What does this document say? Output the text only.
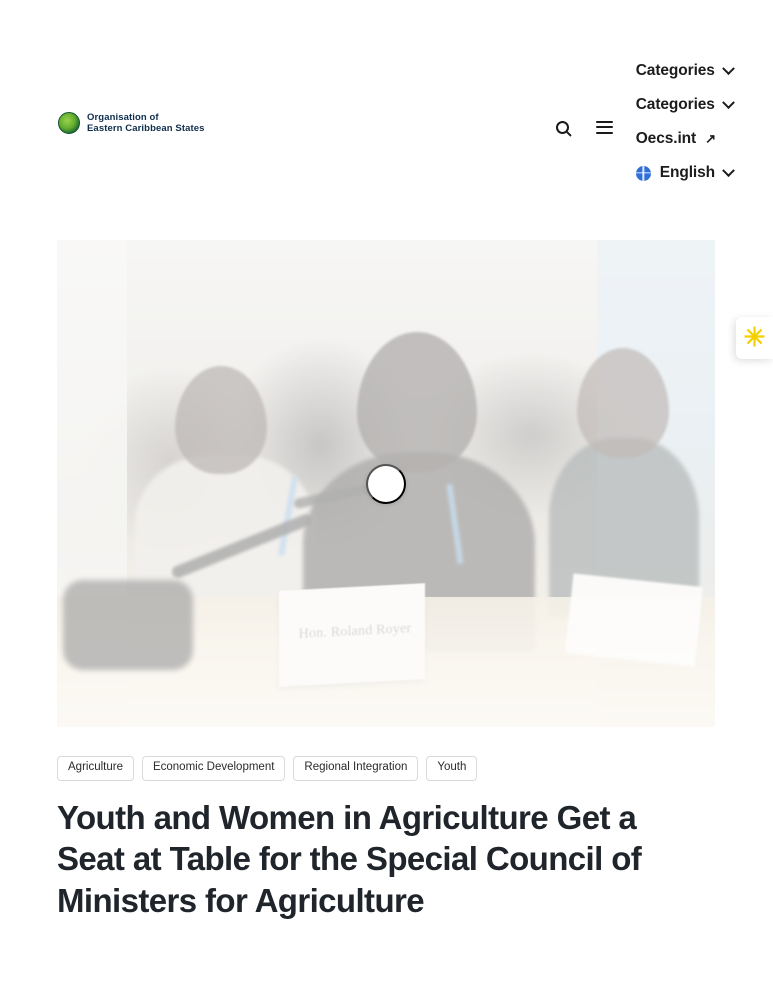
Organisation of
Eastern Caribbean States
Categories
Categories
Oecs.int ↗
English
✳
Agriculture	Economic Development	Regional Integration	Youth
Youth and Women in Agriculture Get a Seat at Table for the Special Council of Ministers for Agriculture
